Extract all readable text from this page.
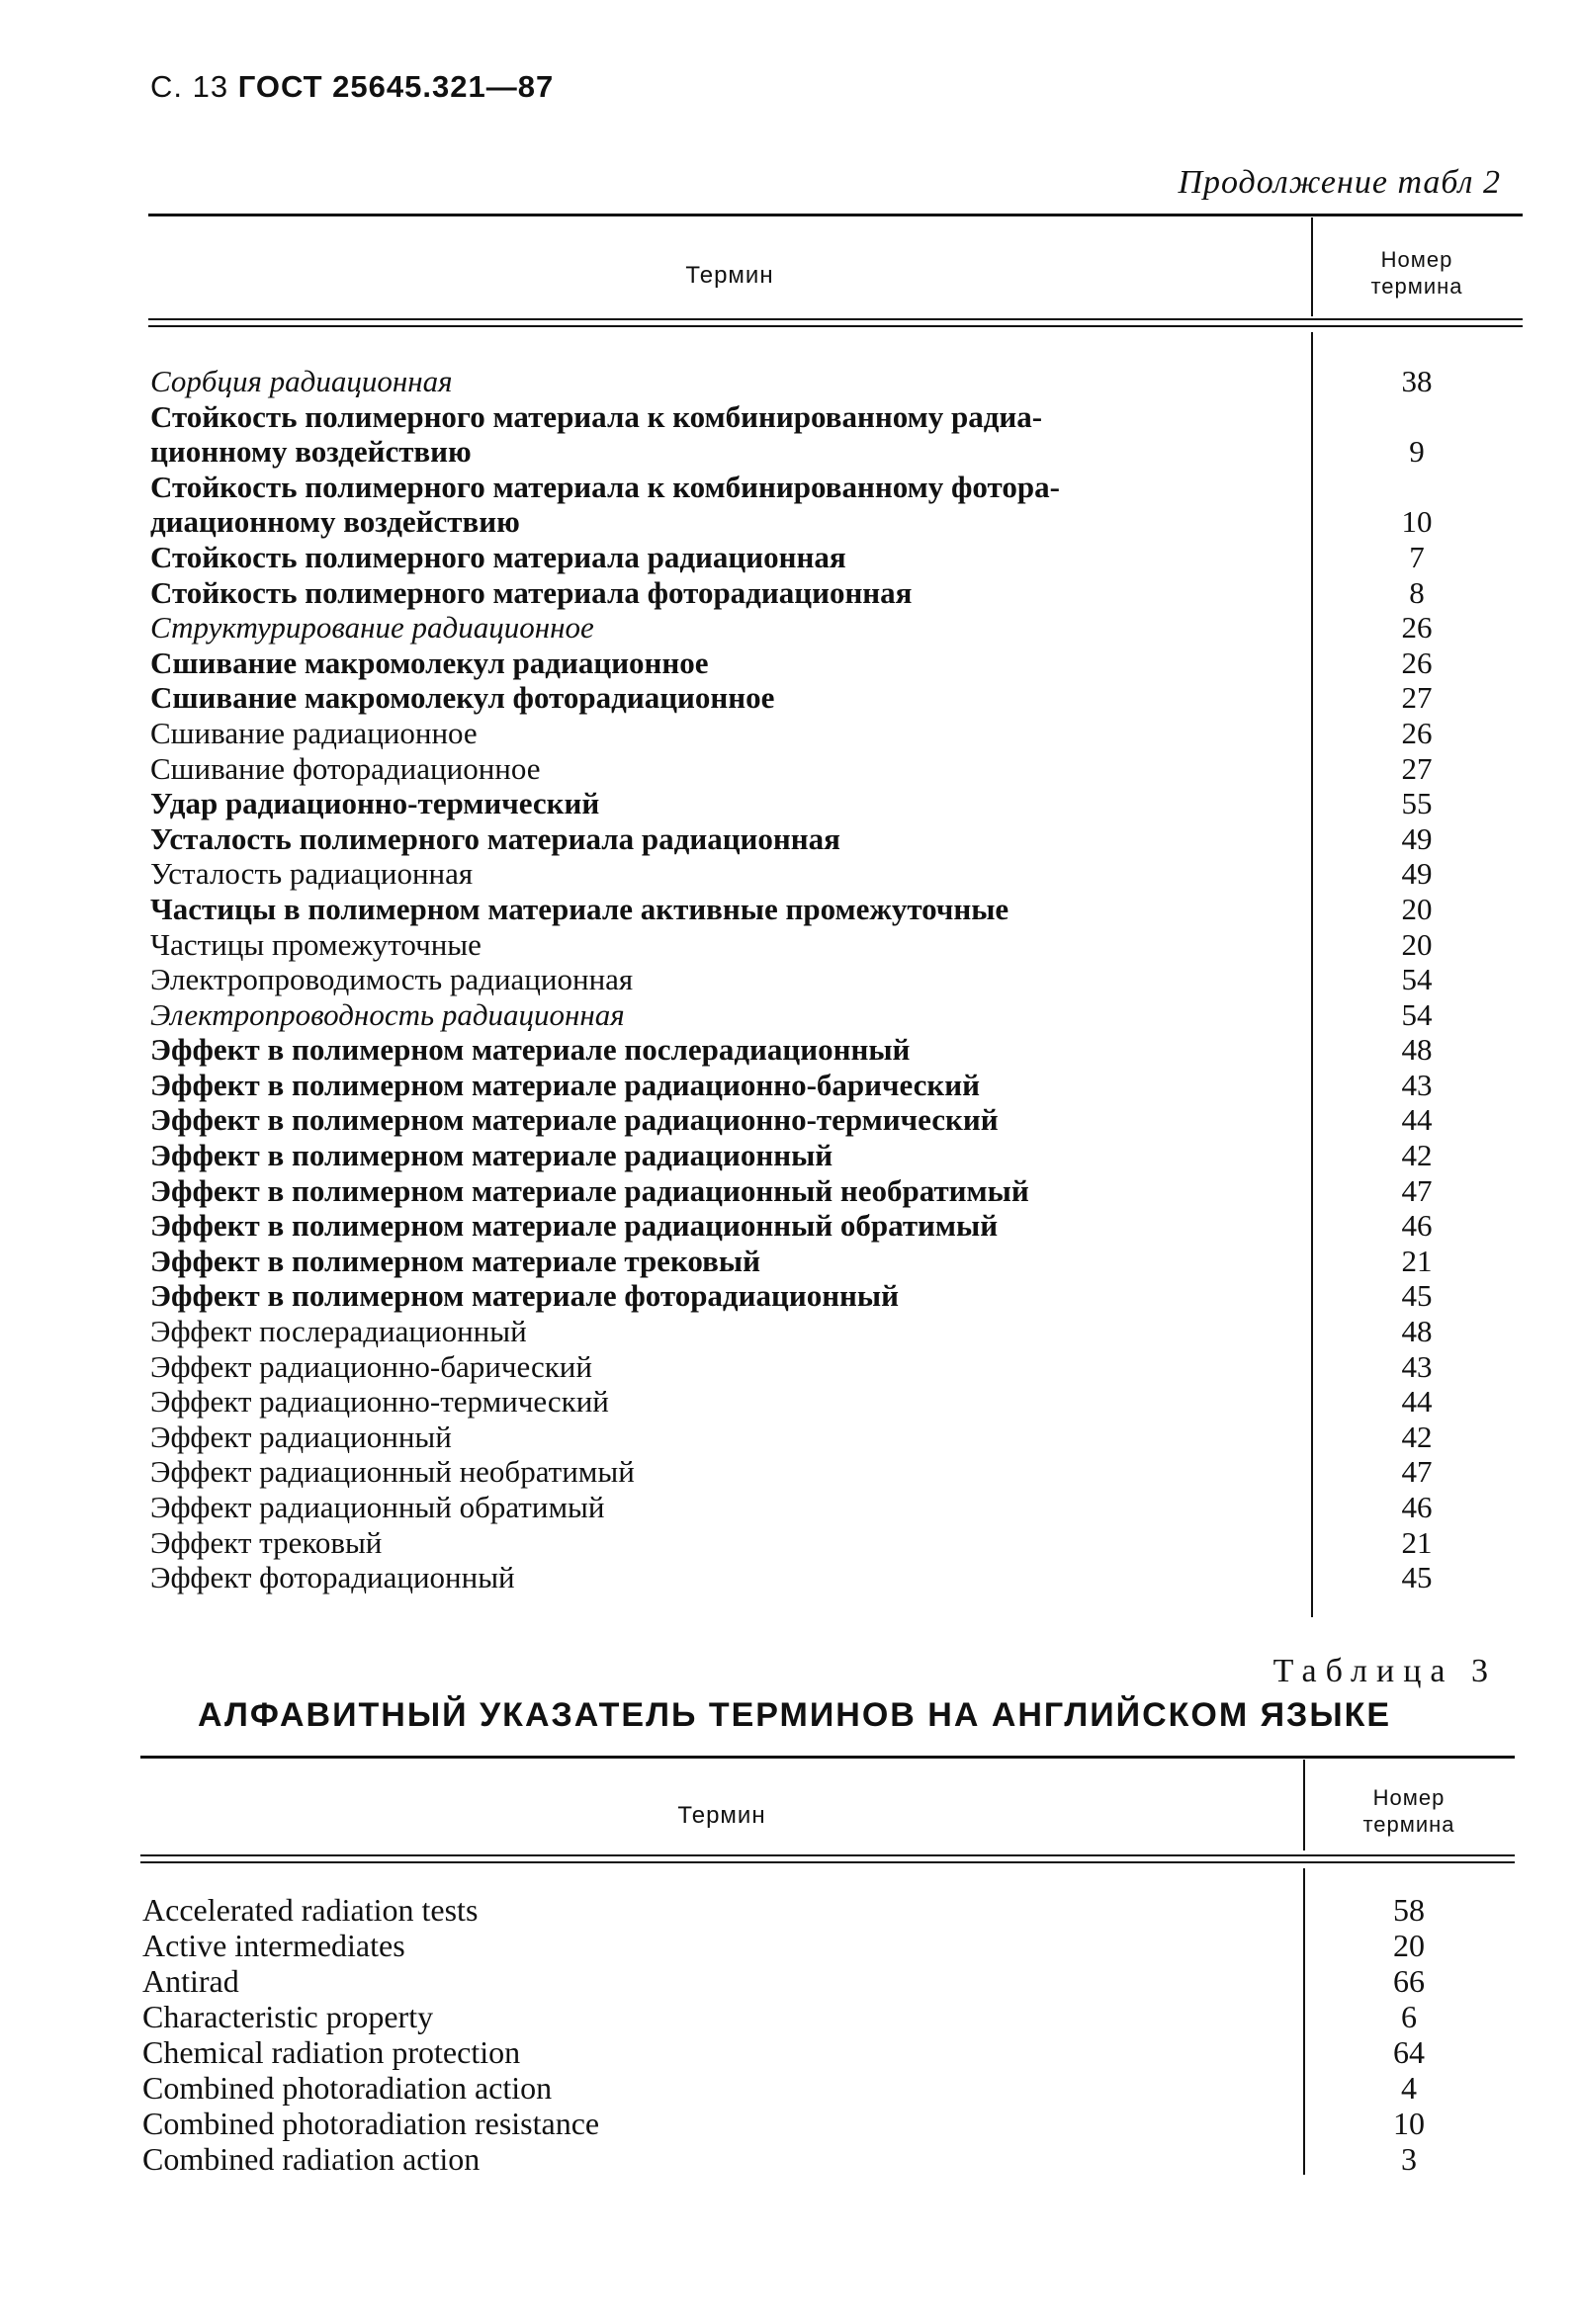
С. 13 ГОСТ 25645.321—87
Продолжение табл 2
Термин
Номер
термина
Сорбция радиационная	38
Стойкость полимерного материала к комбинированному радиа-
ционному воздействию	9
Стойкость полимерного материала к комбинированному фотора-
диационному воздействию	10
Стойкость полимерного материала радиационная	7
Стойкость полимерного материала фоторадиационная	8
Структурирование радиационное	26
Сшивание макромолекул радиационное	26
Сшивание макромолекул фоторадиационное	27
Сшивание радиационное	26
Сшивание фоторадиационное	27
Удар радиационно-термический	55
Усталость полимерного материала радиационная	49
Усталость радиационная	49
Частицы в полимерном материале активные промежуточные	20
Частицы промежуточные	20
Электропроводимость радиационная	54
Электропроводность радиационная	54
Эффект в полимерном материале послерадиационный	48
Эффект в полимерном материале радиационно-барический	43
Эффект в полимерном материале радиационно-термический	44
Эффект в полимерном материале радиационный	42
Эффект в полимерном материале радиационный необратимый	47
Эффект в полимерном материале радиационный обратимый	46
Эффект в полимерном материале трековый	21
Эффект в полимерном материале фоторадиационный	45
Эффект послерадиационный	48
Эффект радиационно-барический	43
Эффект радиационно-термический	44
Эффект радиационный	42
Эффект радиационный необратимый	47
Эффект радиационный обратимый	46
Эффект трековый	21
Эффект фоторадиационный	45
Таблица 3
АЛФАВИТНЫЙ УКАЗАТЕЛЬ ТЕРМИНОВ НА АНГЛИЙСКОМ ЯЗЫКЕ
Термин
Номер
термина
Accelerated radiation tests	58
Active intermediates	20
Antirad	66
Characteristic property	6
Chemical radiation protection	64
Combined photoradiation action	4
Combined photoradiation resistance	10
Combined radiation action	3
